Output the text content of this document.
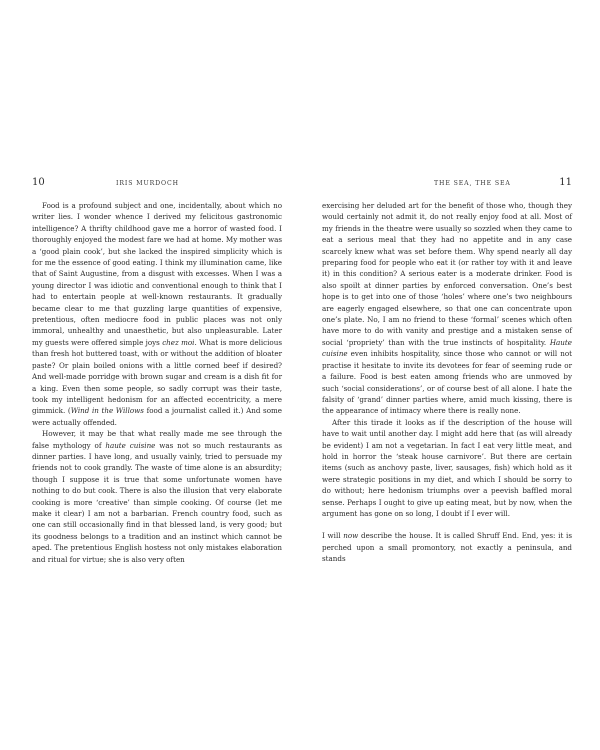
10	IRIS MURDOCH

Food is a profound subject and one, incidentally, about which no writer lies. I wonder whence I derived my felicitous gastronomic intelligence? A thrifty childhood gave me a horror of wasted food. I thoroughly enjoyed the modest fare we had at home. My mother was a ‘good plain cook’, but she lacked the inspired simplicity which is for me the essence of good eating. I think my illumination came, like that of Saint Augustine, from a disgust with excesses. When I was a young director I was idiotic and conventional enough to think that I had to entertain people at well-known restaurants. It gradually became clear to me that guzzling large quantities of expensive, pretentious, often mediocre food in public places was not only immoral, unhealthy and unaesthetic, but also unpleasurable. Later my guests were offered simple joys chez moi. What is more delicious than fresh hot buttered toast, with or without the addition of bloater paste? Or plain boiled onions with a little corned beef if desired? And well-made porridge with brown sugar and cream is a dish fit for a king. Even then some people, so sadly corrupt was their taste, took my intelligent hedonism for an affected eccentricity, a mere gimmick. (Wind in the Willows food a journalist called it.) And some were actually offended.

However, it may be that what really made me see through the false mythology of haute cuisine was not so much restaurants as dinner parties. I have long, and usually vainly, tried to persuade my friends not to cook grandly. The waste of time alone is an absurdity; though I suppose it is true that some unfortunate women have nothing to do but cook. There is also the illusion that very elaborate cooking is more ‘creative’ than simple cooking. Of course (let me make it clear) I am not a barbarian. French country food, such as one can still occasionally find in that blessed land, is very good; but its goodness belongs to a tradition and an instinct which cannot be aped. The pretentious English hostess not only mistakes elaboration and ritual for virtue; she is also very often

THE SEA, THE SEA	11

exercising her deluded art for the benefit of those who, though they would certainly not admit it, do not really enjoy food at all. Most of my friends in the theatre were usually so sozzled when they came to eat a serious meal that they had no appetite and in any case scarcely knew what was set before them. Why spend nearly all day preparing food for people who eat it (or rather toy with it and leave it) in this condition? A serious eater is a moderate drinker. Food is also spoilt at dinner parties by enforced conversation. One’s best hope is to get into one of those ‘holes’ where one’s two neighbours are eagerly engaged elsewhere, so that one can concentrate upon one’s plate. No, I am no friend to these ‘formal’ scenes which often have more to do with vanity and prestige and a mistaken sense of social ‘propriety’ than with the true instincts of hospitality. Haute cuisine even inhibits hospitality, since those who cannot or will not practise it hesitate to invite its devotees for fear of seeming rude or a failure. Food is best eaten among friends who are unmoved by such ‘social considerations’, or of course best of all alone. I hate the falsity of ‘grand’ dinner parties where, amid much kissing, there is the appearance of intimacy where there is really none.

After this tirade it looks as if the description of the house will have to wait until another day. I might add here that (as will already be evident) I am not a vegetarian. In fact I eat very little meat, and hold in horror the ‘steak house carnivore’. But there are certain items (such as anchovy paste, liver, sausages, fish) which hold as it were strategic positions in my diet, and which I should be sorry to do without; here hedonism triumphs over a peevish baffled moral sense. Perhaps I ought to give up eating meat, but by now, when the argument has gone on so long, I doubt if I ever will.

I will now describe the house. It is called Shruff End. End, yes: it is perched upon a small promontory, not exactly a peninsula, and stands
